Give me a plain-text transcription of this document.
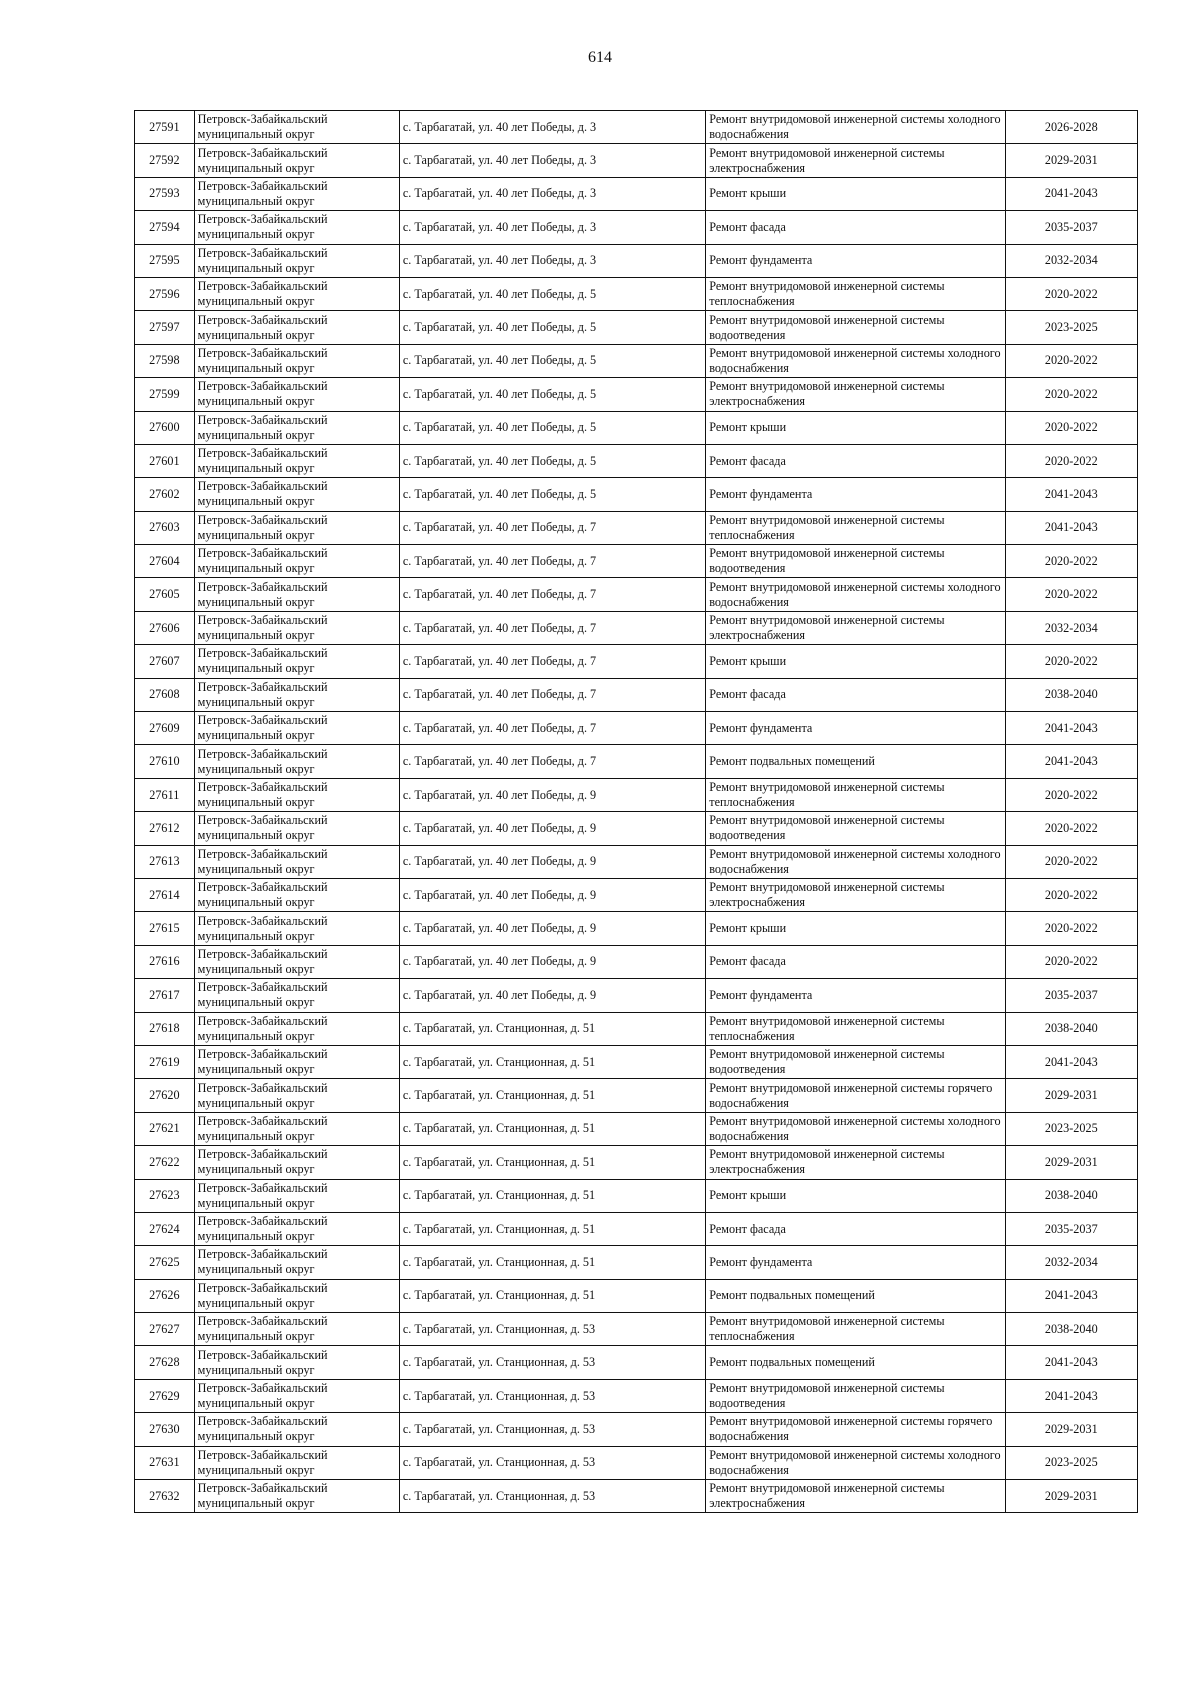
614
27591	Петровск-Забайкальский муниципальный округ	с. Тарбагатай, ул. 40 лет Победы, д. 3	Ремонт внутридомовой инженерной системы холодного водоснабжения	2026-2028
27592	Петровск-Забайкальский муниципальный округ	с. Тарбагатай, ул. 40 лет Победы, д. 3	Ремонт внутридомовой инженерной системы электроснабжения	2029-2031
27593	Петровск-Забайкальский муниципальный округ	с. Тарбагатай, ул. 40 лет Победы, д. 3	Ремонт крыши	2041-2043
27594	Петровск-Забайкальский муниципальный округ	с. Тарбагатай, ул. 40 лет Победы, д. 3	Ремонт фасада	2035-2037
27595	Петровск-Забайкальский муниципальный округ	с. Тарбагатай, ул. 40 лет Победы, д. 3	Ремонт фундамента	2032-2034
27596	Петровск-Забайкальский муниципальный округ	с. Тарбагатай, ул. 40 лет Победы, д. 5	Ремонт внутридомовой инженерной системы теплоснабжения	2020-2022
27597	Петровск-Забайкальский муниципальный округ	с. Тарбагатай, ул. 40 лет Победы, д. 5	Ремонт внутридомовой инженерной системы водоотведения	2023-2025
27598	Петровск-Забайкальский муниципальный округ	с. Тарбагатай, ул. 40 лет Победы, д. 5	Ремонт внутридомовой инженерной системы холодного водоснабжения	2020-2022
27599	Петровск-Забайкальский муниципальный округ	с. Тарбагатай, ул. 40 лет Победы, д. 5	Ремонт внутридомовой инженерной системы электроснабжения	2020-2022
27600	Петровск-Забайкальский муниципальный округ	с. Тарбагатай, ул. 40 лет Победы, д. 5	Ремонт крыши	2020-2022
27601	Петровск-Забайкальский муниципальный округ	с. Тарбагатай, ул. 40 лет Победы, д. 5	Ремонт фасада	2020-2022
27602	Петровск-Забайкальский муниципальный округ	с. Тарбагатай, ул. 40 лет Победы, д. 5	Ремонт фундамента	2041-2043
27603	Петровск-Забайкальский муниципальный округ	с. Тарбагатай, ул. 40 лет Победы, д. 7	Ремонт внутридомовой инженерной системы теплоснабжения	2041-2043
27604	Петровск-Забайкальский муниципальный округ	с. Тарбагатай, ул. 40 лет Победы, д. 7	Ремонт внутридомовой инженерной системы водоотведения	2020-2022
27605	Петровск-Забайкальский муниципальный округ	с. Тарбагатай, ул. 40 лет Победы, д. 7	Ремонт внутридомовой инженерной системы холодного водоснабжения	2020-2022
27606	Петровск-Забайкальский муниципальный округ	с. Тарбагатай, ул. 40 лет Победы, д. 7	Ремонт внутридомовой инженерной системы электроснабжения	2032-2034
27607	Петровск-Забайкальский муниципальный округ	с. Тарбагатай, ул. 40 лет Победы, д. 7	Ремонт крыши	2020-2022
27608	Петровск-Забайкальский муниципальный округ	с. Тарбагатай, ул. 40 лет Победы, д. 7	Ремонт фасада	2038-2040
27609	Петровск-Забайкальский муниципальный округ	с. Тарбагатай, ул. 40 лет Победы, д. 7	Ремонт фундамента	2041-2043
27610	Петровск-Забайкальский муниципальный округ	с. Тарбагатай, ул. 40 лет Победы, д. 7	Ремонт подвальных помещений	2041-2043
27611	Петровск-Забайкальский муниципальный округ	с. Тарбагатай, ул. 40 лет Победы, д. 9	Ремонт внутридомовой инженерной системы теплоснабжения	2020-2022
27612	Петровск-Забайкальский муниципальный округ	с. Тарбагатай, ул. 40 лет Победы, д. 9	Ремонт внутридомовой инженерной системы водоотведения	2020-2022
27613	Петровск-Забайкальский муниципальный округ	с. Тарбагатай, ул. 40 лет Победы, д. 9	Ремонт внутридомовой инженерной системы холодного водоснабжения	2020-2022
27614	Петровск-Забайкальский муниципальный округ	с. Тарбагатай, ул. 40 лет Победы, д. 9	Ремонт внутридомовой инженерной системы электроснабжения	2020-2022
27615	Петровск-Забайкальский муниципальный округ	с. Тарбагатай, ул. 40 лет Победы, д. 9	Ремонт крыши	2020-2022
27616	Петровск-Забайкальский муниципальный округ	с. Тарбагатай, ул. 40 лет Победы, д. 9	Ремонт фасада	2020-2022
27617	Петровск-Забайкальский муниципальный округ	с. Тарбагатай, ул. 40 лет Победы, д. 9	Ремонт фундамента	2035-2037
27618	Петровск-Забайкальский муниципальный округ	с. Тарбагатай, ул. Станционная, д. 51	Ремонт внутридомовой инженерной системы теплоснабжения	2038-2040
27619	Петровск-Забайкальский муниципальный округ	с. Тарбагатай, ул. Станционная, д. 51	Ремонт внутридомовой инженерной системы водоотведения	2041-2043
27620	Петровск-Забайкальский муниципальный округ	с. Тарбагатай, ул. Станционная, д. 51	Ремонт внутридомовой инженерной системы горячего водоснабжения	2029-2031
27621	Петровск-Забайкальский муниципальный округ	с. Тарбагатай, ул. Станционная, д. 51	Ремонт внутридомовой инженерной системы холодного водоснабжения	2023-2025
27622	Петровск-Забайкальский муниципальный округ	с. Тарбагатай, ул. Станционная, д. 51	Ремонт внутридомовой инженерной системы электроснабжения	2029-2031
27623	Петровск-Забайкальский муниципальный округ	с. Тарбагатай, ул. Станционная, д. 51	Ремонт крыши	2038-2040
27624	Петровск-Забайкальский муниципальный округ	с. Тарбагатай, ул. Станционная, д. 51	Ремонт фасада	2035-2037
27625	Петровск-Забайкальский муниципальный округ	с. Тарбагатай, ул. Станционная, д. 51	Ремонт фундамента	2032-2034
27626	Петровск-Забайкальский муниципальный округ	с. Тарбагатай, ул. Станционная, д. 51	Ремонт подвальных помещений	2041-2043
27627	Петровск-Забайкальский муниципальный округ	с. Тарбагатай, ул. Станционная, д. 53	Ремонт внутридомовой инженерной системы теплоснабжения	2038-2040
27628	Петровск-Забайкальский муниципальный округ	с. Тарбагатай, ул. Станционная, д. 53	Ремонт подвальных помещений	2041-2043
27629	Петровск-Забайкальский муниципальный округ	с. Тарбагатай, ул. Станционная, д. 53	Ремонт внутридомовой инженерной системы водоотведения	2041-2043
27630	Петровск-Забайкальский муниципальный округ	с. Тарбагатай, ул. Станционная, д. 53	Ремонт внутридомовой инженерной системы горячего водоснабжения	2029-2031
27631	Петровск-Забайкальский муниципальный округ	с. Тарбагатай, ул. Станционная, д. 53	Ремонт внутридомовой инженерной системы холодного водоснабжения	2023-2025
27632	Петровск-Забайкальский муниципальный округ	с. Тарбагатай, ул. Станционная, д. 53	Ремонт внутридомовой инженерной системы электроснабжения	2029-2031
